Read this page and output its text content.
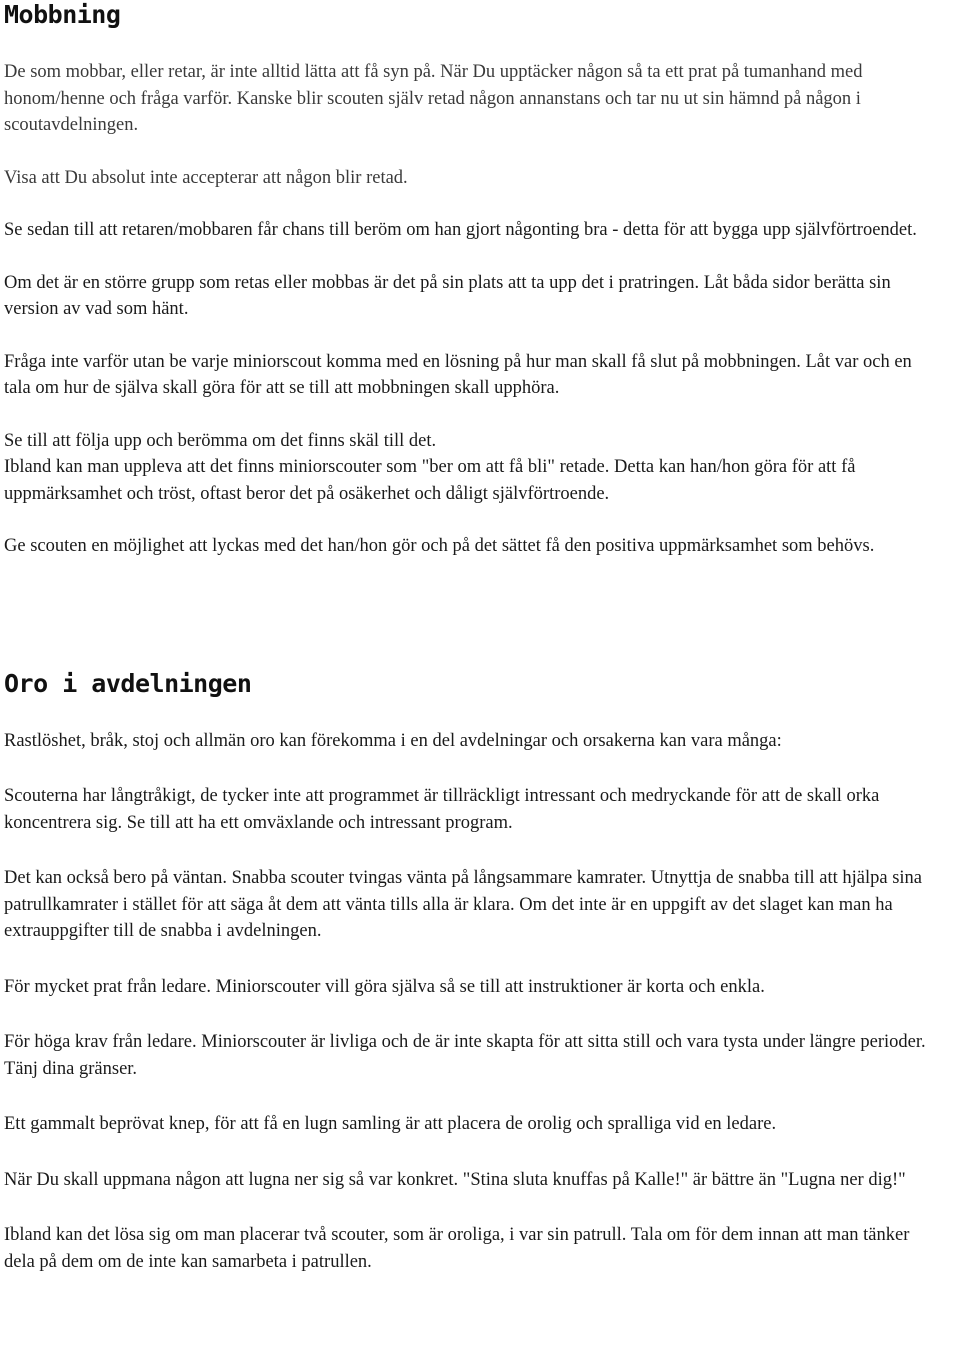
Mobbning

De som mobbar, eller retar, är inte alltid lätta att få syn på. När Du upptäcker någon så ta ett prat på tumanhand med honom/henne och fråga varför. Kanske blir scouten själv retad någon annanstans och tar nu ut sin hämnd på någon i scoutavdelningen.

Visa att Du absolut inte accepterar att någon blir retad.

Se sedan till att retaren/mobbaren får chans till beröm om han gjort någonting bra - detta för att bygga upp självförtroendet.

Om det är en större grupp som retas eller mobbas är det på sin plats att ta upp det i pratringen. Låt båda sidor berätta sin version av vad som hänt.

Fråga inte varför utan be varje miniorscout komma med en lösning på hur man skall få slut på mobbningen. Låt var och en tala om hur de själva skall göra för att se till att mobbningen skall upphöra.

Se till att följa upp och berömma om det finns skäl till det.

Ibland kan man uppleva att det finns miniorscouter som "ber om att få bli" retade. Detta kan han/hon göra för att få uppmärksamhet och tröst, oftast beror det på osäkerhet och dåligt självförtroende.

Ge scouten en möjlighet att lyckas med det han/hon gör och på det sättet få den positiva uppmärksamhet som behövs.

Oro i avdelningen

Rastlöshet, bråk, stoj och allmän oro kan förekomma i en del avdelningar och orsakerna kan vara många:

Scouterna har långtråkigt, de tycker inte att programmet är tillräckligt intressant och medryckande för att de skall orka koncentrera sig. Se till att ha ett omväxlande och intressant program.

Det kan också bero på väntan. Snabba scouter tvingas vänta på långsammare kamrater. Utnyttja de snabba till att hjälpa sina patrullkamrater i stället för att säga åt dem att vänta tills alla är klara. Om det inte är en uppgift av det slaget kan man ha extrauppgifter till de snabba i avdelningen.

För mycket prat från ledare. Miniorscouter vill göra själva så se till att instruktioner är korta och enkla.

För höga krav från ledare. Miniorscouter är livliga och de är inte skapta för att sitta still och vara tysta under längre perioder. Tänj dina gränser.

Ett gammalt beprövat knep, för att få en lugn samling är att placera de orolig och spralliga vid en ledare.

När Du skall uppmana någon att lugna ner sig så var konkret. "Stina sluta knuffas på Kalle!" är bättre än "Lugna ner dig!"

Ibland kan det lösa sig om man placerar två scouter, som är oroliga, i var sin patrull. Tala om för dem innan att man tänker dela på dem om de inte kan samarbeta i patrullen.
